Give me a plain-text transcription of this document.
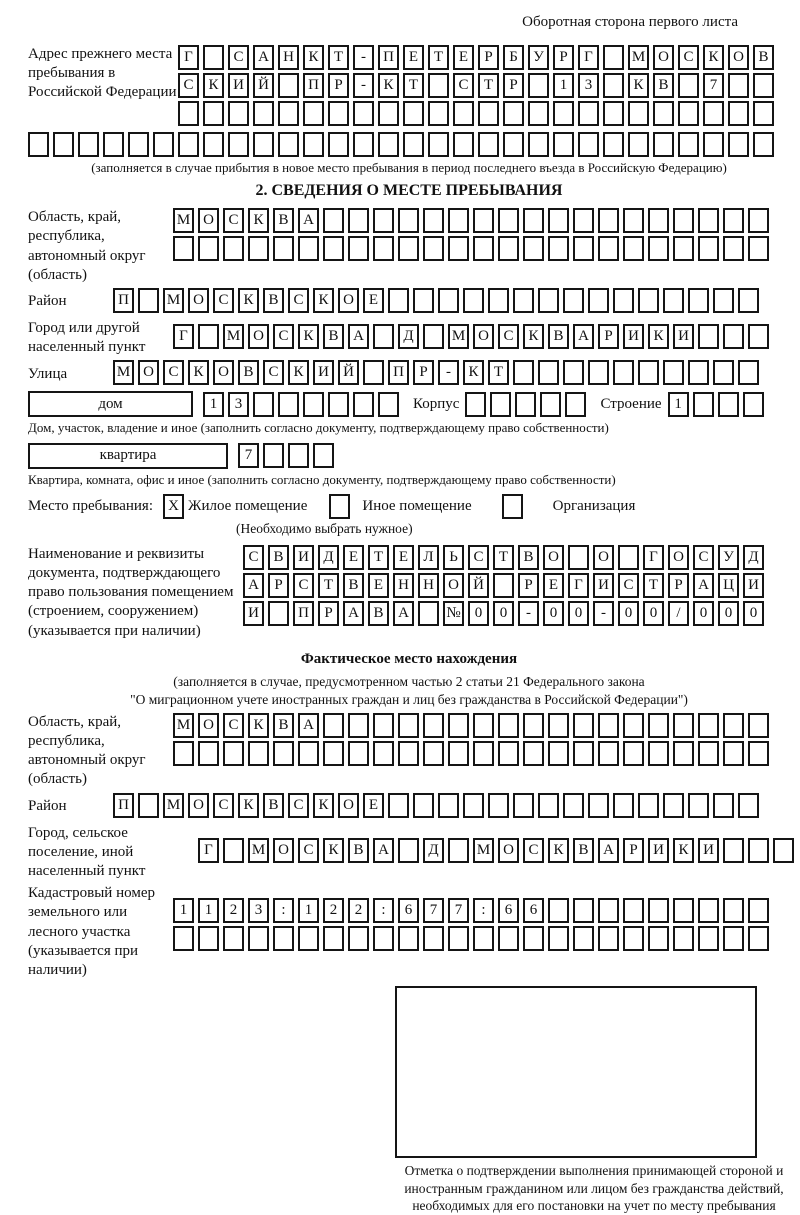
Оборотная сторона первого листа
Адрес прежнего места пребывания в Российской Федерации
Г	С А Н К	Т	-	П Е	Т	Е	Р	Б	У	Р	Г	М О С К О В
С К И Й	П	Р	-	К	Т	С	Т	Р	1	3	К В	7
(заполняется в случае прибытия в новое место пребывания в период последнего въезда в Российскую Федерацию)
2. СВЕДЕНИЯ О МЕСТЕ ПРЕБЫВАНИЯ
Область, край, республика, автономный округ (область)
М О С К В А
Район	П	М О С К В С К О Е
Город или другой населенный пункт
Г	М О С К В А	Д	М О С К В А	Р	И К И
Улица	М О С К О В С К И Й	П	Р	-	К	Т
дом	1	3	Корпус	Строение 1
Дом, участок, владение и иное (заполнить согласно документу, подтверждающему право собственности)
квартира	7
Квартира, комната, офис и иное (заполнить согласно документу, подтверждающему право собственности)
Место пребывания:	X Жилое помещение	Иное помещение	Организация
(Необходимо выбрать нужное)
Наименование и реквизиты документа, подтверждающего право пользования помещением (строением, сооружением) (указывается при наличии)
С В И Д	Е	Т	Е	Л	Ь	С	Т	В О	О	Г	О С У Д
А	Р	С	Т	В	Е	Н Н О Й	Р	Е	Г	И С	Т	Р	А Ц И
И	П	Р	А В А	№ 0	0	-	0	0	-	0	0	/	0	0	0
Фактическое место нахождения
(заполняется в случае, предусмотренном частью 2 статьи 21 Федерального закона
"О миграционном учете иностранных граждан и лиц без гражданства в Российской Федерации")
Область, край, республика, автономный округ (область)
М О С К В А
Район	П	М О С К В С К О Е
Город, сельское поселение, иной населенный пункт
Г	М О С К В А	Д	М О С К В А	Р	И К И
Кадастровый номер земельного или лесного участка (указывается при наличии)
1	1	2	3	:	1	2	2	:	6	7	7	:	6	6
Отметка о подтверждении выполнения принимающей стороной и иностранным гражданином или лицом без гражданства действий, необходимых для его постановки на учет по месту пребывания
